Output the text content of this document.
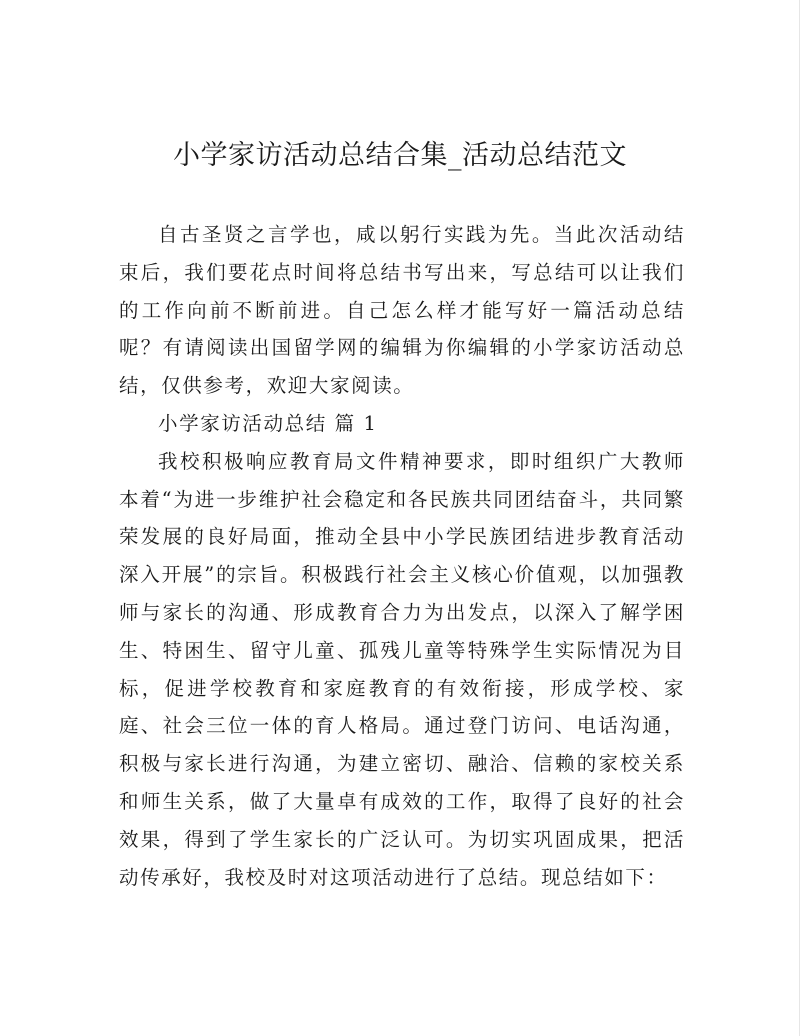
小学家访活动总结合集_活动总结范文

自古圣贤之言学也，咸以躬行实践为先。当此次活动结束后，我们要花点时间将总结书写出来，写总结可以让我们的工作向前不断前进。自己怎么样才能写好一篇活动总结呢？有请阅读出国留学网的编辑为你编辑的小学家访活动总结，仅供参考，欢迎大家阅读。

小学家访活动总结 篇 1

我校积极响应教育局文件精神要求，即时组织广大教师本着“为进一步维护社会稳定和各民族共同团结奋斗，共同繁荣发展的良好局面，推动全县中小学民族团结进步教育活动深入开展”的宗旨。积极践行社会主义核心价值观，以加强教师与家长的沟通、形成教育合力为出发点，以深入了解学困生、特困生、留守儿童、孤残儿童等特殊学生实际情况为目标，促进学校教育和家庭教育的有效衔接，形成学校、家庭、社会三位一体的育人格局。通过登门访问、电话沟通，积极与家长进行沟通，为建立密切、融洽、信赖的家校关系和师生关系，做了大量卓有成效的工作，取得了良好的社会效果，得到了学生家长的广泛认可。为切实巩固成果，把活动传承好，我校及时对这项活动进行了总结。现总结如下：
